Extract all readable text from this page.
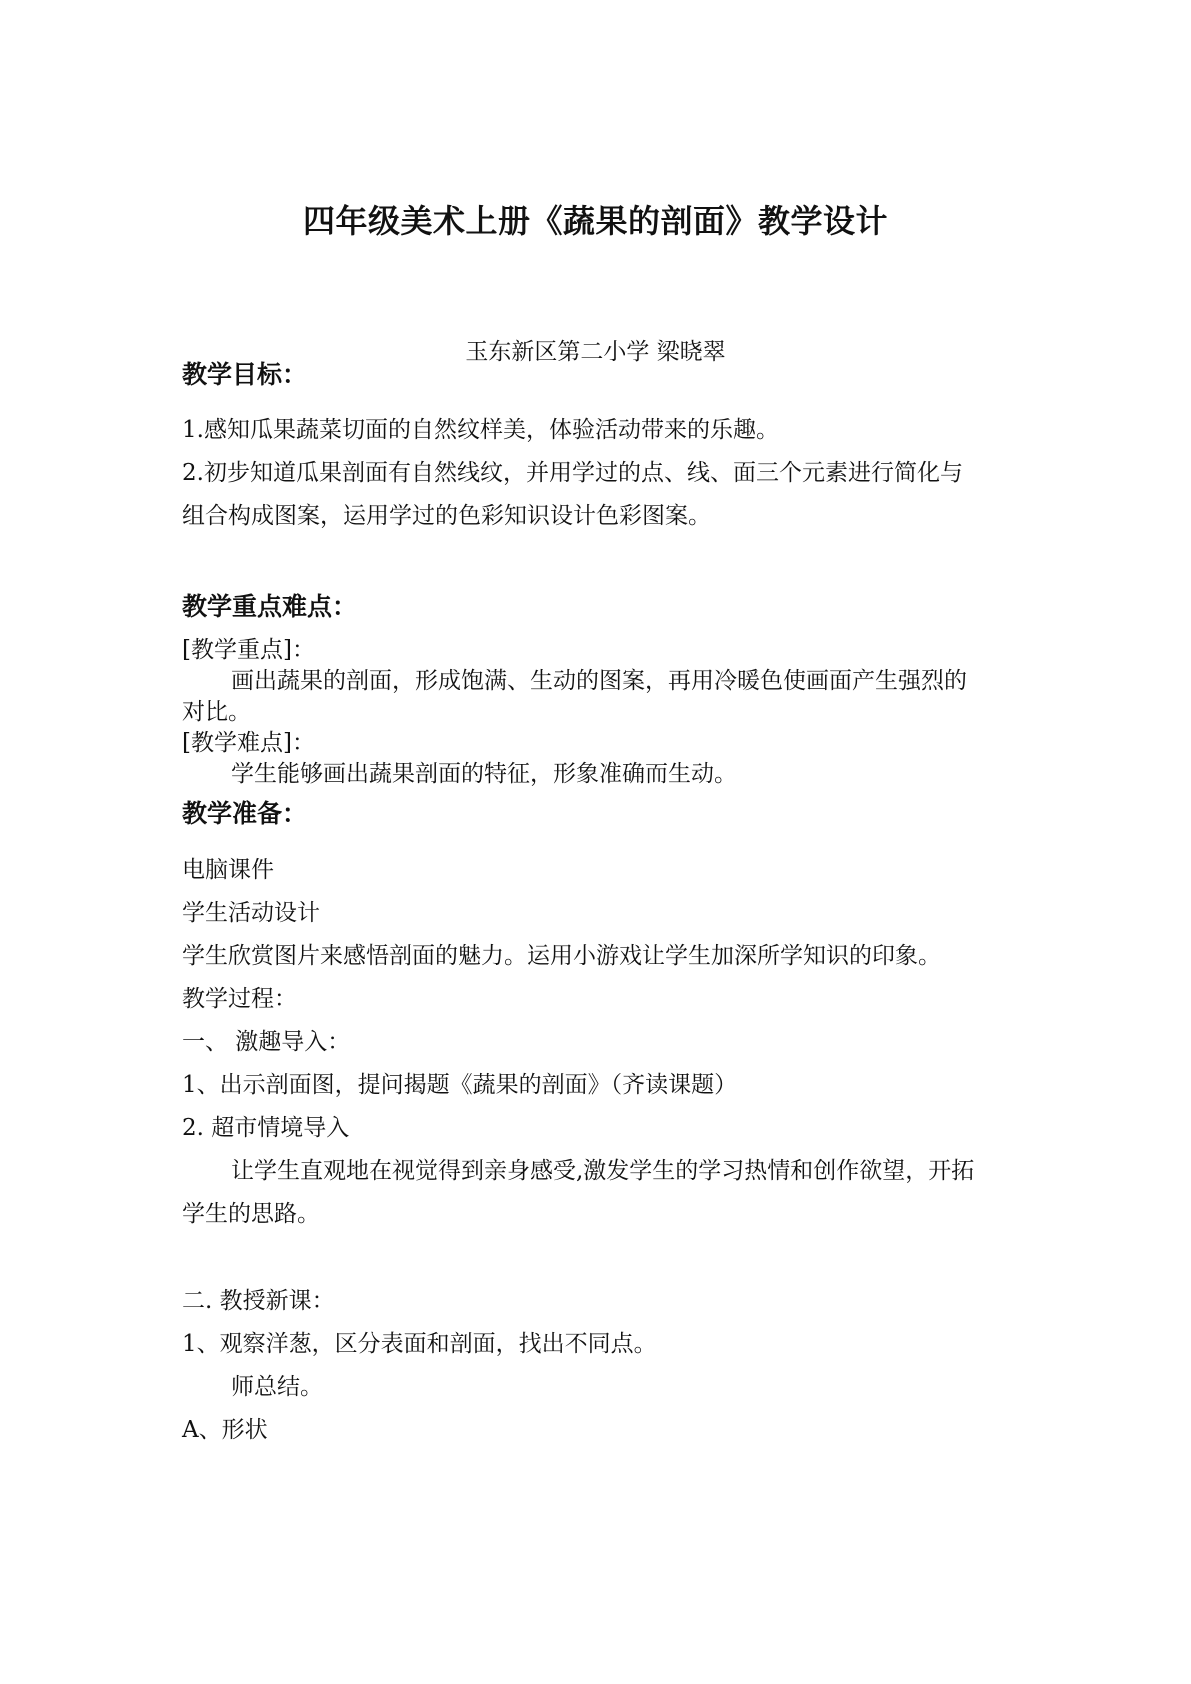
四年级美术上册《蔬果的剖面》教学设计
玉东新区第二小学 梁晓翠
教学目标：
1.感知瓜果蔬菜切面的自然纹样美，体验活动带来的乐趣。
2.初步知道瓜果剖面有自然线纹，并用学过的点、线、面三个元素进行简化与
组合构成图案，运用学过的色彩知识设计色彩图案。
教学重点难点：
[教学重点]：
画出蔬果的剖面，形成饱满、生动的图案，再用冷暖色使画面产生强烈的
对比。
[教学难点]：
学生能够画出蔬果剖面的特征，形象准确而生动。
教学准备：
电脑课件
学生活动设计
学生欣赏图片来感悟剖面的魅力。运用小游戏让学生加深所学知识的印象。
教学过程：
一、 激趣导入：
1、出示剖面图，提问揭题《蔬果的剖面》（齐读课题）
2. 超市情境导入
让学生直观地在视觉得到亲身感受,激发学生的学习热情和创作欲望，开拓
学生的思路。
二. 教授新课：
1、观察洋葱，区分表面和剖面，找出不同点。
师总结。
A、形状
